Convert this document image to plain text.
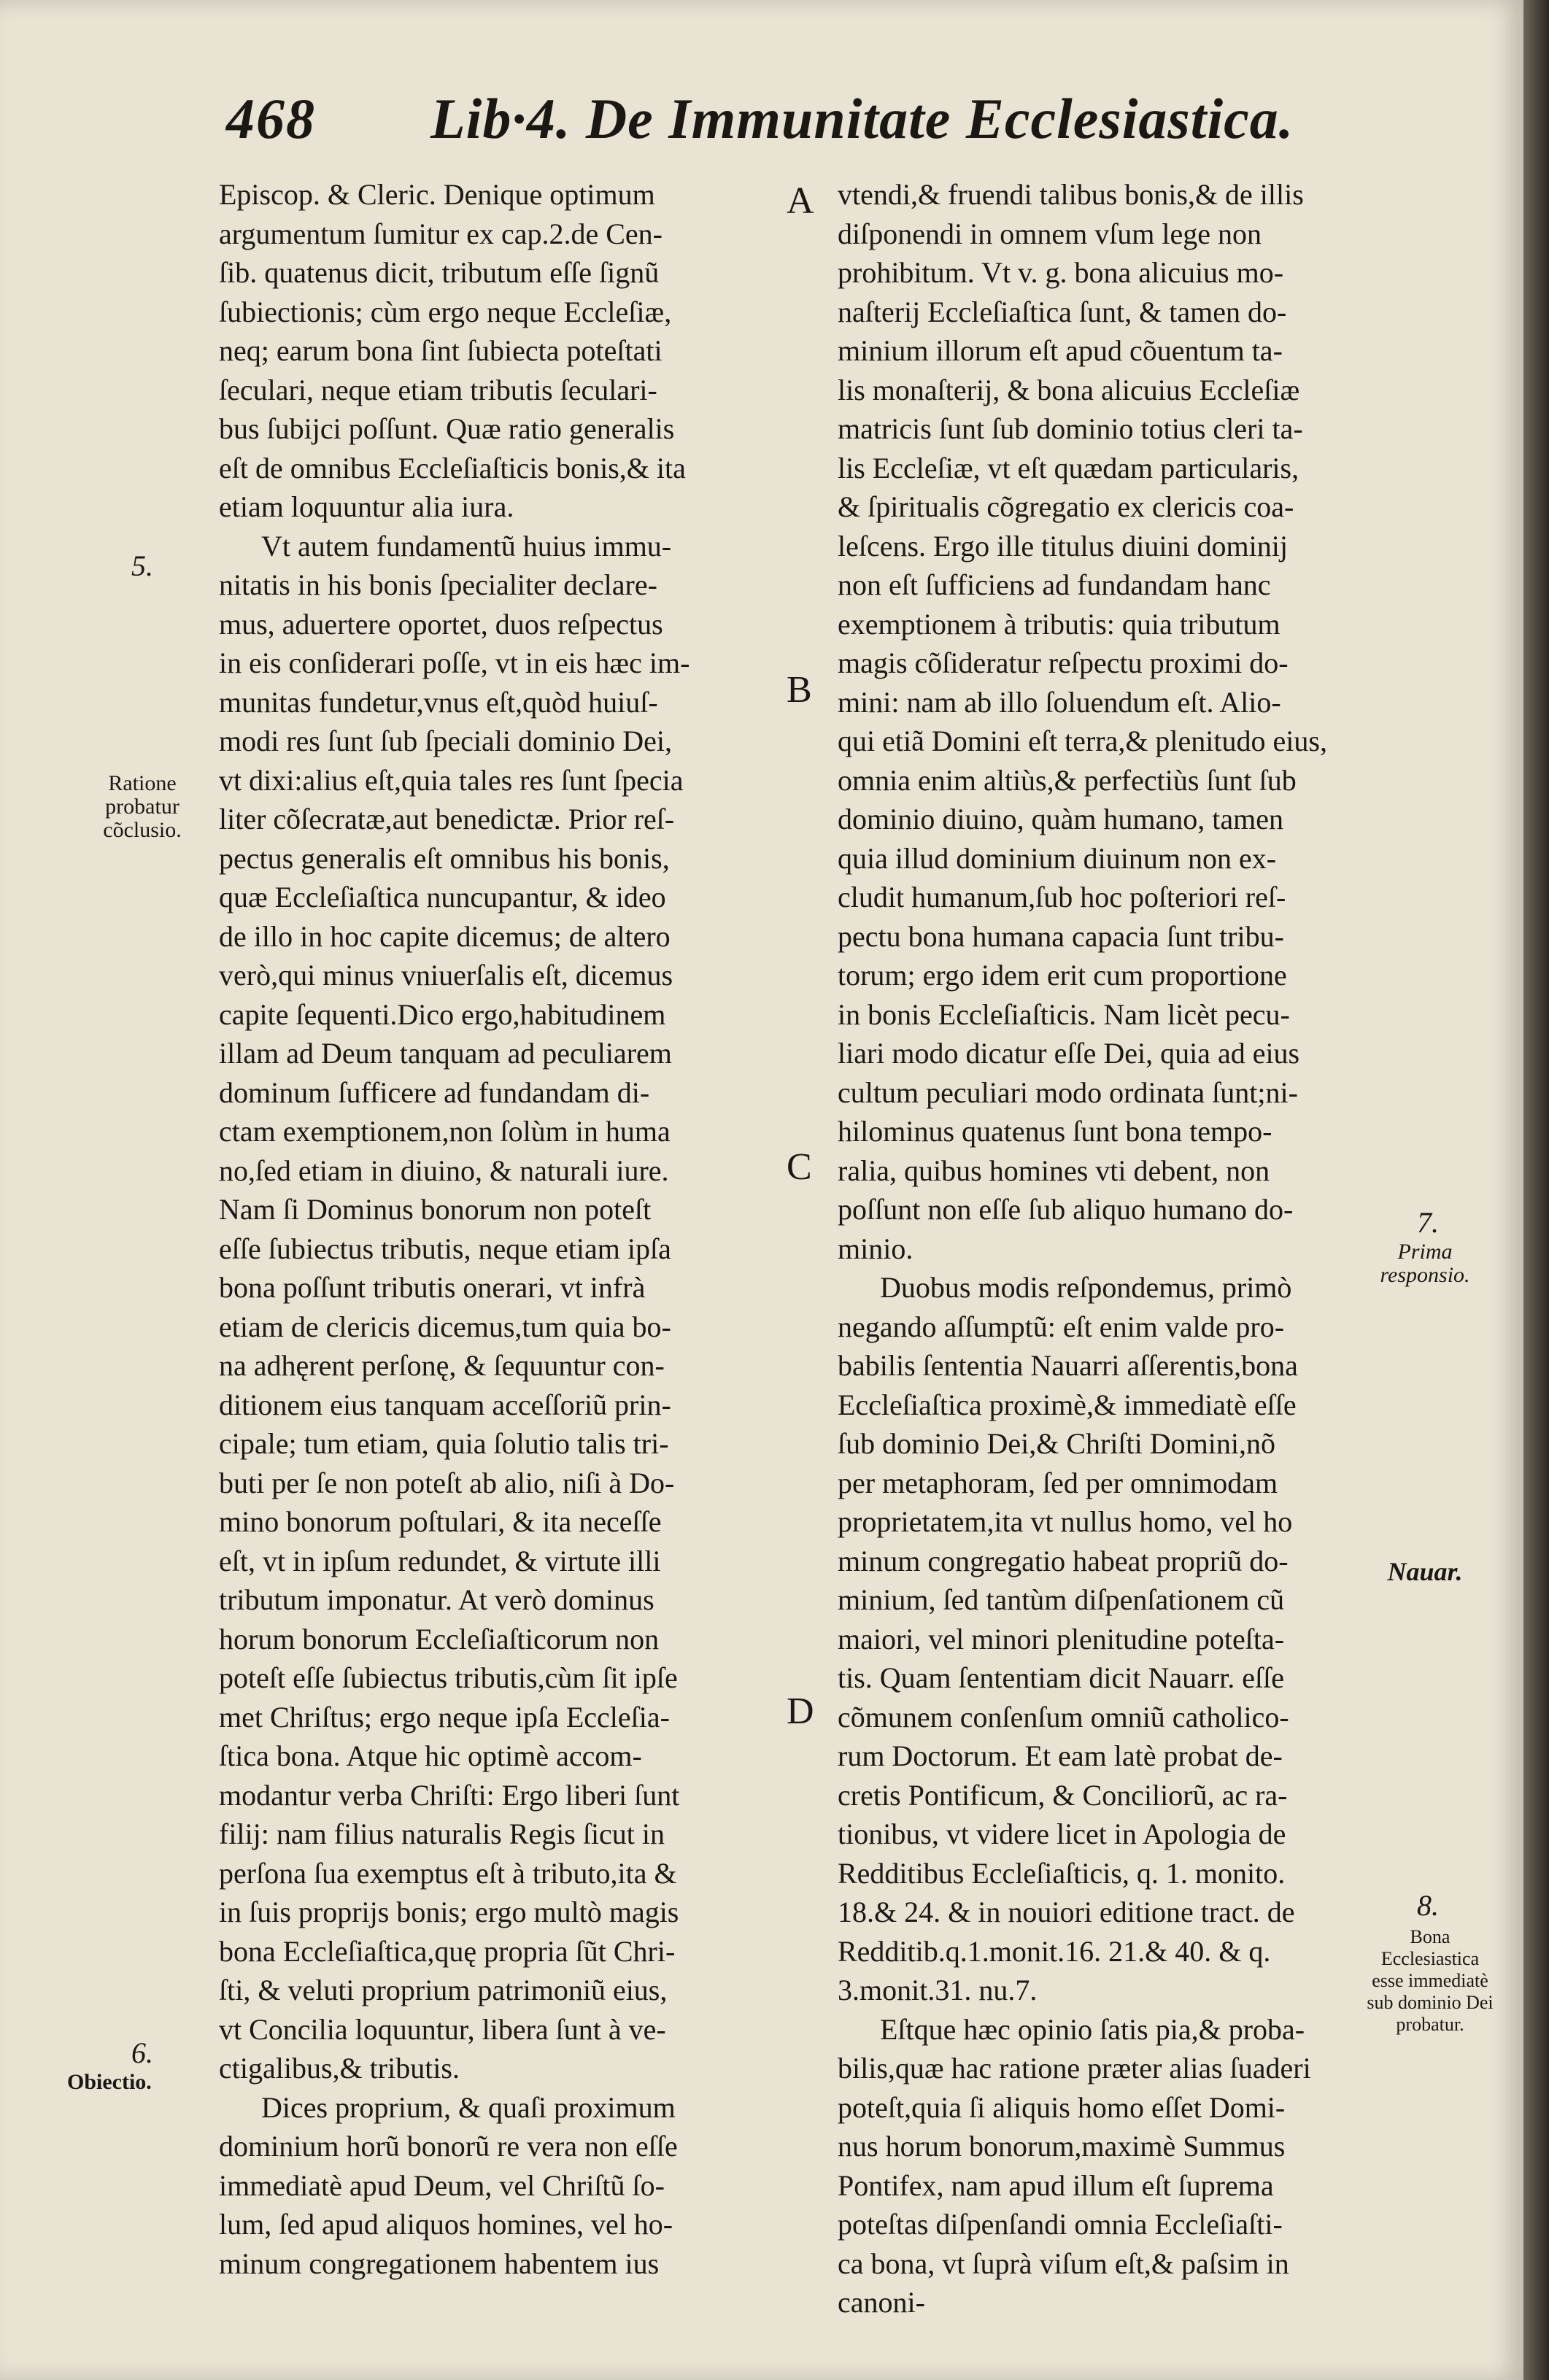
468 Lib·4. De Immunitate Ecclesiastica.
Episcop. & Cleric. Denique optimum
argumentum ſumitur ex cap.2.de Cen-
ſib. quatenus dicit, tributum eſſe ſignũ
ſubiectionis; cùm ergo neque Eccleſiæ,
neq; earum bona ſint ſubiecta poteſtati
ſeculari, neque etiam tributis ſeculari-
bus ſubijci poſſunt. Quæ ratio generalis
eſt de omnibus Eccleſiaſticis bonis,& ita
etiam loquuntur alia iura.
Vt autem fundamentũ huius immu-
nitatis in his bonis ſpecialiter declare-
mus, aduertere oportet, duos reſpectus
in eis conſiderari poſſe, vt in eis hæc im-
munitas fundetur,vnus eſt,quòd huiuſ-
modi res ſunt ſub ſpeciali dominio Dei,
vt dixi:alius eſt,quia tales res ſunt ſpecia
liter cõſecratæ,aut benedictæ. Prior reſ-
pectus generalis eſt omnibus his bonis,
quæ Eccleſiaſtica nuncupantur, & ideo
de illo in hoc capite dicemus; de altero
verò,qui minus vniuerſalis eſt, dicemus
capite ſequenti.Dico ergo,habitudinem
illam ad Deum tanquam ad peculiarem
dominum ſufficere ad fundandam di-
ctam exemptionem,non ſolùm in huma
no,ſed etiam in diuino, & naturali iure.
Nam ſi Dominus bonorum non poteſt
eſſe ſubiectus tributis, neque etiam ipſa
bona poſſunt tributis onerari, vt infrà
etiam de clericis dicemus,tum quia bo-
na adhęrent perſonę, & ſequuntur con-
ditionem eius tanquam acceſſoriũ prin-
cipale; tum etiam, quia ſolutio talis tri-
buti per ſe non poteſt ab alio, niſi à Do-
mino bonorum poſtulari, & ita neceſſe
eſt, vt in ipſum redundet, & virtute illi
tributum imponatur. At verò dominus
horum bonorum Eccleſiaſticorum non
poteſt eſſe ſubiectus tributis,cùm ſit ipſe
met Chriſtus; ergo neque ipſa Eccleſia-
ſtica bona. Atque hic optimè accom-
modantur verba Chriſti: Ergo liberi ſunt
filij: nam filius naturalis Regis ſicut in
perſona ſua exemptus eſt à tributo,ita &
in ſuis proprijs bonis; ergo multò magis
bona Eccleſiaſtica,quę propria ſũt Chri-
ſti, & veluti proprium patrimoniũ eius,
vt Concilia loquuntur, libera ſunt à ve-
ctigalibus,& tributis.
Dices proprium, & quaſi proximum
dominium horũ bonorũ re vera non eſſe
immediatè apud Deum, vel Chriſtũ ſo-
lum, ſed apud aliquos homines, vel ho-
minum congregationem habentem ius
vtendi,& fruendi talibus bonis,& de illis
diſponendi in omnem vſum lege non
prohibitum. Vt v. g. bona alicuius mo-
naſterij Eccleſiaſtica ſunt, & tamen do-
minium illorum eſt apud cõuentum ta-
lis monaſterij, & bona alicuius Eccleſiæ
matricis ſunt ſub dominio totius cleri ta-
lis Eccleſiæ, vt eſt quædam particularis,
& ſpiritualis cõgregatio ex clericis coa-
leſcens. Ergo ille titulus diuini dominij
non eſt ſufficiens ad fundandam hanc
exemptionem à tributis: quia tributum
magis cõſideratur reſpectu proximi do-
mini: nam ab illo ſoluendum eſt. Alio-
qui etiã Domini eſt terra,& plenitudo eius,
omnia enim altiùs,& perfectiùs ſunt ſub
dominio diuino, quàm humano, tamen
quia illud dominium diuinum non ex-
cludit humanum,ſub hoc poſteriori reſ-
pectu bona humana capacia ſunt tribu-
torum; ergo idem erit cum proportione
in bonis Eccleſiaſticis. Nam licèt pecu-
liari modo dicatur eſſe Dei, quia ad eius
cultum peculiari modo ordinata ſunt;ni-
hilominus quatenus ſunt bona tempo-
ralia, quibus homines vti debent, non
poſſunt non eſſe ſub aliquo humano do-
minio.
Duobus modis reſpondemus, primò
negando aſſumptũ: eſt enim valde pro-
babilis ſententia Nauarri aſſerentis,bona
Eccleſiaſtica proximè,& immediatè eſſe
ſub dominio Dei,& Chriſti Domini,nõ
per metaphoram, ſed per omnimodam
proprietatem,ita vt nullus homo, vel ho
minum congregatio habeat propriũ do-
minium, ſed tantùm diſpenſationem cũ
maiori, vel minori plenitudine poteſta-
tis. Quam ſententiam dicit Nauarr. eſſe
cõmunem conſenſum omniũ catholico-
rum Doctorum. Et eam latè probat de-
cretis Pontificum, & Conciliorũ, ac ra-
tionibus, vt videre licet in Apologia de
Redditibus Eccleſiaſticis, q. 1. monito.
18.& 24. & in nouiori editione tract. de
Redditib.q.1.monit.16. 21.& 40. & q.
3.monit.31. nu.7.
Eſtque hæc opinio ſatis pia,& proba-
bilis,quæ hac ratione præter alias ſuaderi
poteſt,quia ſi aliquis homo eſſet Domi-
nus horum bonorum,maximè Summus
Pontifex, nam apud illum eſt ſuprema
poteſtas diſpenſandi omnia Eccleſiaſti-
ca bona, vt ſuprà viſum eſt,& paſsim in
canoni-
A
B
C
D
5.
Ratione probatur cõclusio.
6.
Obiectio.
7.
Prima responsio.
Nauar.
8.
Bona Ecclesiastica esse immediatè sub dominio Dei probatur.
